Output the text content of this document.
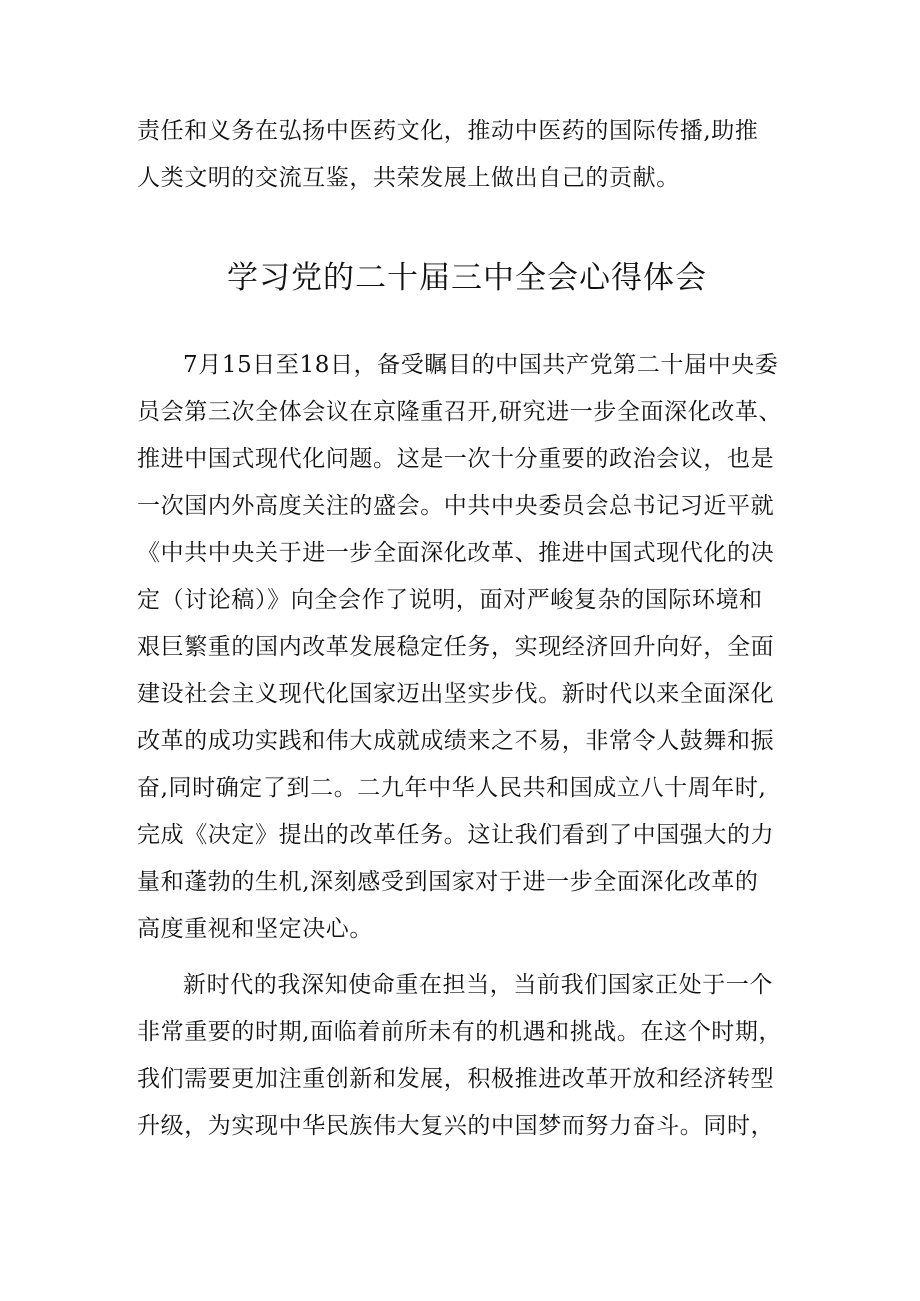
责任和义务在弘扬中医药文化，推动中医药的国际传播,助推
人类文明的交流互鉴，共荣发展上做出自己的贡献。
学习党的二十届三中全会心得体会
7月15日至18日，备受瞩目的中国共产党第二十届中央委
员会第三次全体会议在京隆重召开,研究进一步全面深化改革、
推进中国式现代化问题。这是一次十分重要的政治会议，也是
一次国内外高度关注的盛会。中共中央委员会总书记习近平就
《中共中央关于进一步全面深化改革、推进中国式现代化的决
定（讨论稿）》向全会作了说明，面对严峻复杂的国际环境和
艰巨繁重的国内改革发展稳定任务，实现经济回升向好，全面
建设社会主义现代化国家迈出坚实步伐。新时代以来全面深化
改革的成功实践和伟大成就成绩来之不易，非常令人鼓舞和振
奋,同时确定了到二。二九年中华人民共和国成立八十周年时,
完成《决定》提出的改革任务。这让我们看到了中国强大的力
量和蓬勃的生机,深刻感受到国家对于进一步全面深化改革的
高度重视和坚定决心。
新时代的我深知使命重在担当，当前我们国家正处于一个
非常重要的时期,面临着前所未有的机遇和挑战。在这个时期，
我们需要更加注重创新和发展，积极推进改革开放和经济转型
升级，为实现中华民族伟大复兴的中国梦而努力奋斗。同时，
